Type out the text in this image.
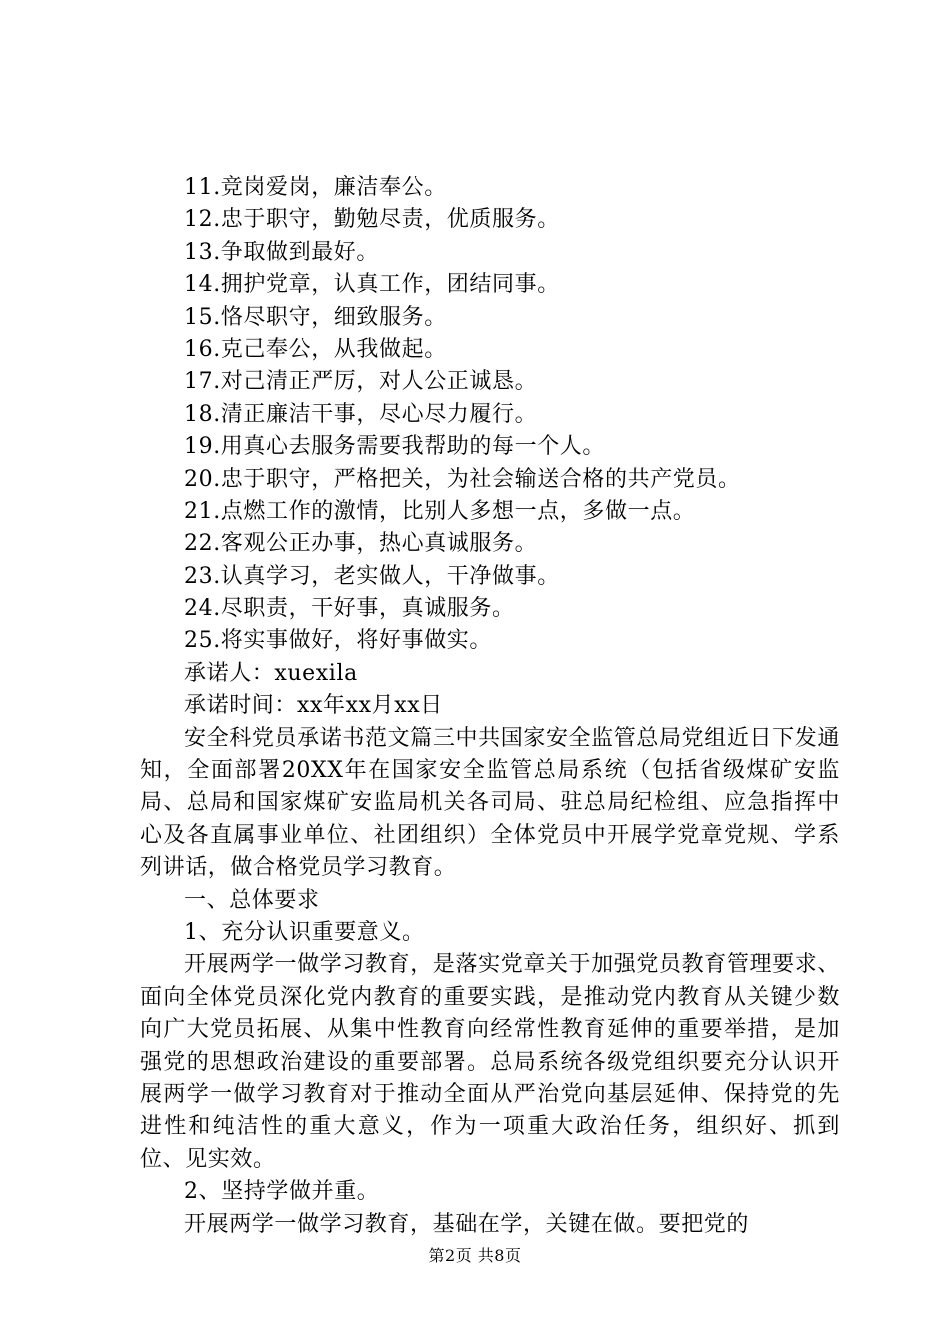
11.竞岗爱岗，廉洁奉公。
12.忠于职守，勤勉尽责，优质服务。
13.争取做到最好。
14.拥护党章，认真工作，团结同事。
15.恪尽职守，细致服务。
16.克己奉公，从我做起。
17.对己清正严厉，对人公正诚恳。
18.清正廉洁干事，尽心尽力履行。
19.用真心去服务需要我帮助的每一个人。
20.忠于职守，严格把关，为社会输送合格的共产党员。
21.点燃工作的激情，比别人多想一点，多做一点。
22.客观公正办事，热心真诚服务。
23.认真学习，老实做人，干净做事。
24.尽职责，干好事，真诚服务。
25.将实事做好，将好事做实。
承诺人：xuexila
承诺时间：xx年xx月xx日
安全科党员承诺书范文篇三中共国家安全监管总局党组近日下发通知，全面部署20XX年在国家安全监管总局系统（包括省级煤矿安监局、总局和国家煤矿安监局机关各司局、驻总局纪检组、应急指挥中心及各直属事业单位、社团组织）全体党员中开展学党章党规、学系列讲话，做合格党员学习教育。
一、总体要求
1、充分认识重要意义。
开展两学一做学习教育，是落实党章关于加强党员教育管理要求、面向全体党员深化党内教育的重要实践，是推动党内教育从关键少数向广大党员拓展、从集中性教育向经常性教育延伸的重要举措，是加强党的思想政治建设的重要部署。总局系统各级党组织要充分认识开展两学一做学习教育对于推动全面从严治党向基层延伸、保持党的先进性和纯洁性的重大意义，作为一项重大政治任务，组织好、抓到位、见实效。
2、坚持学做并重。
开展两学一做学习教育，基础在学，关键在做。要把党的
第2页 共8页
